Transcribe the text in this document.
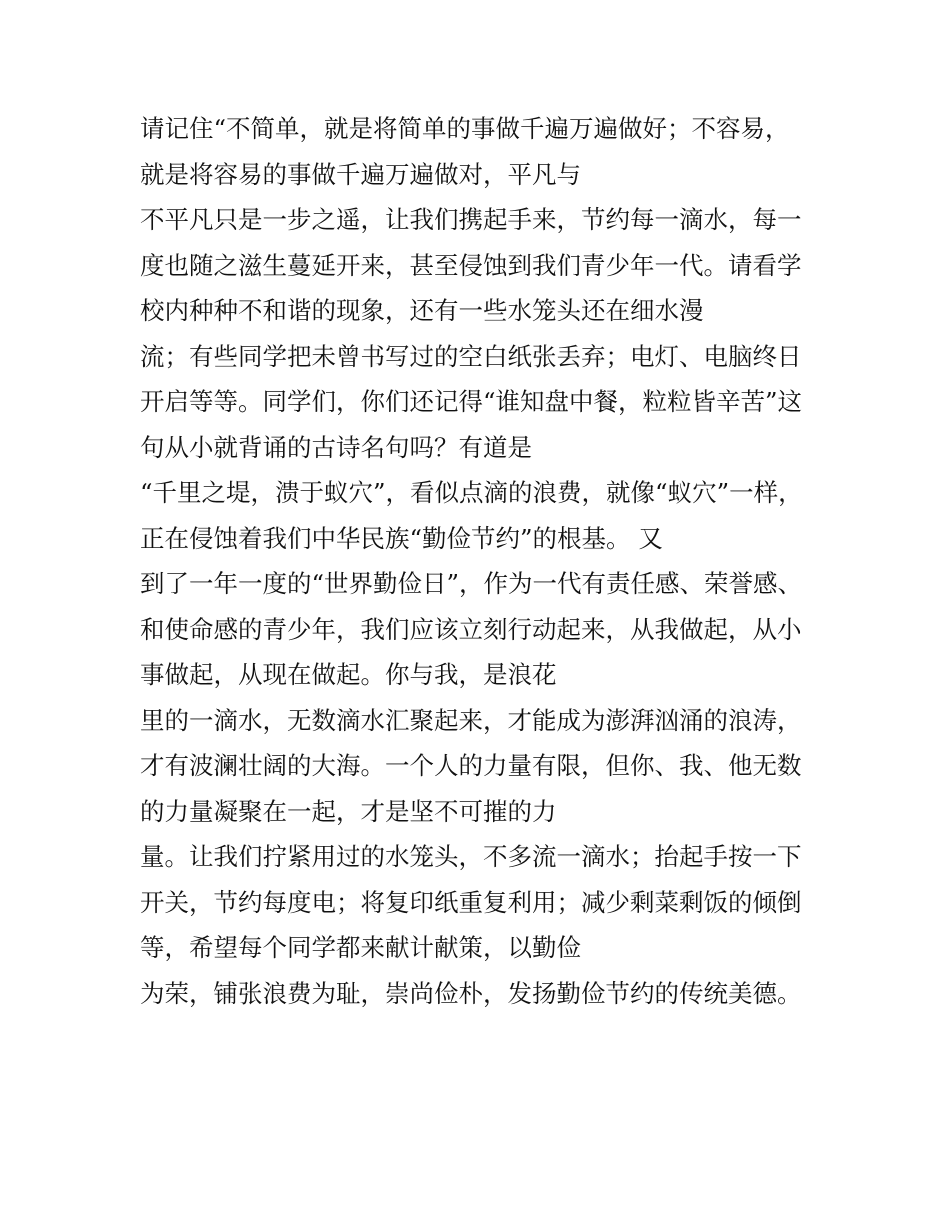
请记住“不简单，就是将简单的事做千遍万遍做好；不容易，
就是将容易的事做千遍万遍做对，平凡与
不平凡只是一步之遥，让我们携起手来，节约每一滴水，每一
度也随之滋生蔓延开来，甚至侵蚀到我们青少年一代。请看学
校内种种不和谐的现象，还有一些水笼头还在细水漫
流；有些同学把未曾书写过的空白纸张丢弃；电灯、电脑终日
开启等等。同学们，你们还记得“谁知盘中餐，粒粒皆辛苦”这
句从小就背诵的古诗名句吗？有道是
“千里之堤，溃于蚁穴”，看似点滴的浪费，就像“蚁穴”一样，
正在侵蚀着我们中华民族“勤俭节约”的根基。 又
到了一年一度的“世界勤俭日”，作为一代有责任感、荣誉感、
和使命感的青少年，我们应该立刻行动起来，从我做起，从小
事做起，从现在做起。你与我，是浪花
里的一滴水，无数滴水汇聚起来，才能成为澎湃汹涌的浪涛，
才有波澜壮阔的大海。一个人的力量有限，但你、我、他无数
的力量凝聚在一起，才是坚不可摧的力
量。让我们拧紧用过的水笼头，不多流一滴水；抬起手按一下
开关，节约每度电；将复印纸重复利用；减少剩菜剩饭的倾倒
等，希望每个同学都来献计献策，以勤俭
为荣，铺张浪费为耻，崇尚俭朴，发扬勤俭节约的传统美德。
